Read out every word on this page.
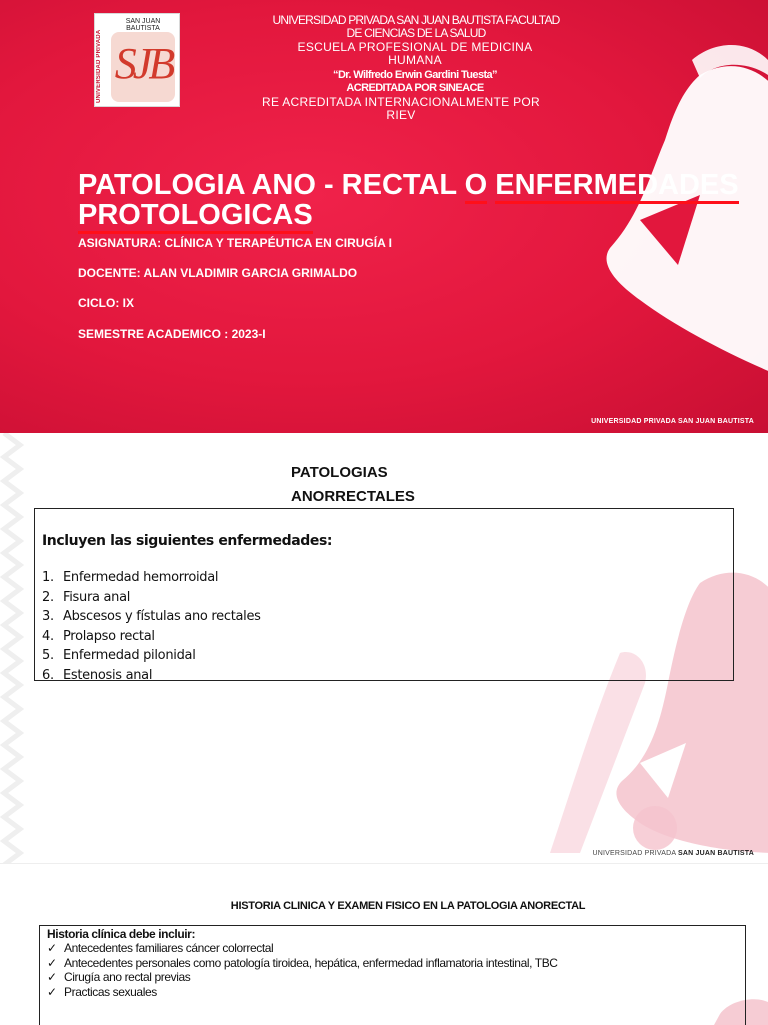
UNIVERSIDAD PRIVADA
SAN JUAN BAUTISTA
SJB
UNIVERSIDAD PRIVADA SAN JUAN BAUTISTA FACULTAD
DE CIENCIAS DE LA SALUD
ESCUELA PROFESIONAL DE MEDICINA
HUMANA
“Dr. Wilfredo Erwin Gardini Tuesta”
ACREDITADA POR SINEACE
RE ACREDITADA INTERNACIONALMENTE POR
RIEV
PATOLOGIA ANO - RECTAL O ENFERMEDADES
PROTOLOGICAS
ASIGNATURA: CLÍNICA Y TERAPÉUTICA EN CIRUGÍA I
DOCENTE: ALAN VLADIMIR GARCIA GRIMALDO
CICLO: IX
SEMESTRE ACADEMICO : 2023-I
UNIVERSIDAD PRIVADA SAN JUAN BAUTISTA
PATOLOGIAS
ANORRECTALES
Incluyen las siguientes enfermedades:
1. Enfermedad hemorroidal
2. Fisura anal
3. Abscesos y fístulas ano rectales
4. Prolapso rectal
5. Enfermedad pilonidal
6. Estenosis anal
UNIVERSIDAD PRIVADA SAN JUAN BAUTISTA
HISTORIA CLINICA Y EXAMEN FISICO EN LA PATOLOGIA ANORECTAL
Historia clínica debe incluir:
✓ Antecedentes familiares cáncer colorrectal
✓ Antecedentes personales como patología tiroidea, hepática, enfermedad inflamatoria intestinal, TBC
✓ Cirugía ano rectal previas
✓ Practicas sexuales
